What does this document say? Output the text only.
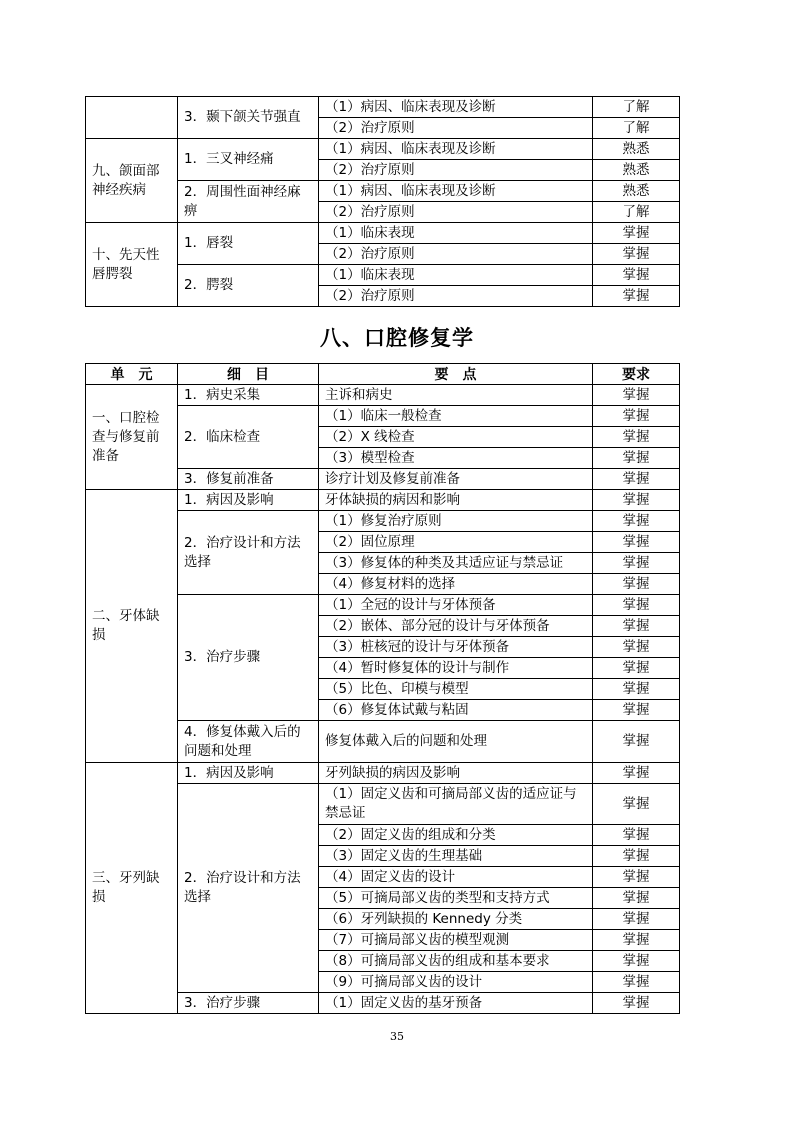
	3．颞下颌关节强直	（1）病因、临床表现及诊断	了解
		（2）治疗原则	了解
九、颌面部神经疾病	1．三叉神经痛	（1）病因、临床表现及诊断	熟悉
		（2）治疗原则	熟悉
	2．周围性面神经麻痹	（1）病因、临床表现及诊断	熟悉
		（2）治疗原则	了解
十、先天性唇腭裂	1．唇裂	（1）临床表现	掌握
		（2）治疗原则	掌握
	2．腭裂	（1）临床表现	掌握
		（2）治疗原则	掌握
八、口腔修复学
单　元	细　目	要　点	要求
一、口腔检查与修复前准备	1．病史采集	主诉和病史	掌握
	2．临床检查	（1）临床一般检查	掌握
		（2）X 线检查	掌握
		（3）模型检查	掌握
	3．修复前准备	诊疗计划及修复前准备	掌握
二、牙体缺损	1．病因及影响	牙体缺损的病因和影响	掌握
	2．治疗设计和方法选择	（1）修复治疗原则	掌握
		（2）固位原理	掌握
		（3）修复体的种类及其适应证与禁忌证	掌握
		（4）修复材料的选择	掌握
	3．治疗步骤	（1）全冠的设计与牙体预备	掌握
		（2）嵌体、部分冠的设计与牙体预备	掌握
		（3）桩核冠的设计与牙体预备	掌握
		（4）暂时修复体的设计与制作	掌握
		（5）比色、印模与模型	掌握
		（6）修复体试戴与粘固	掌握
	4．修复体戴入后的问题和处理	修复体戴入后的问题和处理	掌握
三、牙列缺损	1．病因及影响	牙列缺损的病因及影响	掌握
	2．治疗设计和方法选择	（1）固定义齿和可摘局部义齿的适应证与禁忌证	掌握
		（2）固定义齿的组成和分类	掌握
		（3）固定义齿的生理基础	掌握
		（4）固定义齿的设计	掌握
		（5）可摘局部义齿的类型和支持方式	掌握
		（6）牙列缺损的 Kennedy 分类	掌握
		（7）可摘局部义齿的模型观测	掌握
		（8）可摘局部义齿的组成和基本要求	掌握
		（9）可摘局部义齿的设计	掌握
	3．治疗步骤	（1）固定义齿的基牙预备	掌握
35
